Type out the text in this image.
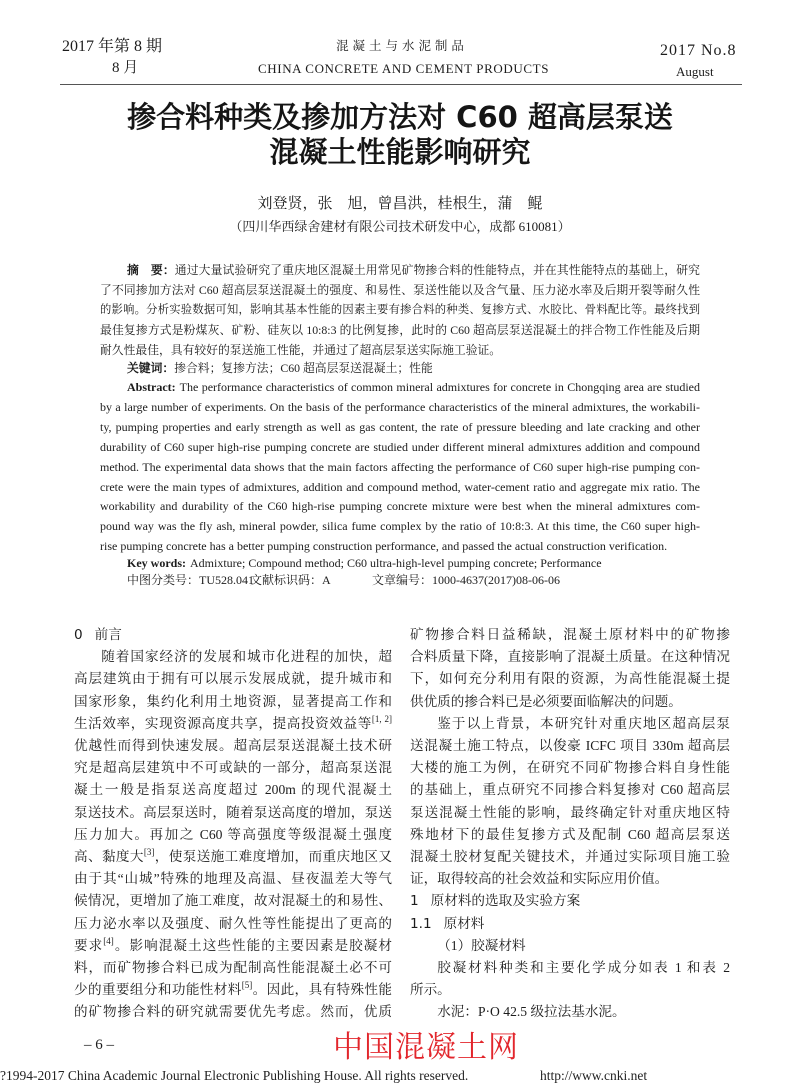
2017 年第 8 期
8 月
混 凝 土 与 水 泥 制 品
CHINA CONCRETE AND CEMENT PRODUCTS
2017 No.8
August
掺合料种类及掺加方法对 C60 超高层泵送
混凝土性能影响研究
刘登贤，张　旭，曾昌洪，桂根生，蒲　鲲
（四川华西绿舍建材有限公司技术研发中心，成都 610081）
摘　要：通过大量试验研究了重庆地区混凝土用常见矿物掺合料的性能特点，并在其性能特点的基础上，研究
了不同掺加方法对 C60 超高层泵送混凝土的强度、和易性、泵送性能以及含气量、压力泌水率及后期开裂等耐久性
的影响。分析实验数据可知，影响其基本性能的因素主要有掺合料的种类、复掺方式、水胶比、骨料配比等。最终找到
最佳复掺方式是粉煤灰、矿粉、硅灰以 10:8:3 的比例复掺，此时的 C60 超高层泵送混凝土的拌合物工作性能及后期
耐久性最佳，具有较好的泵送施工性能，并通过了超高层泵送实际施工验证。
关键词：掺合料；复掺方法；C60 超高层泵送混凝土；性能
Abstract: The performance characteristics of common mineral admixtures for concrete in Chongqing area are studied
by a large number of experiments. On the basis of the performance characteristics of the mineral admixtures, the workabili-
ty, pumping properties and early strength as well as gas content, the rate of pressure bleeding and late cracking and other
durability of C60 super high-rise pumping concrete are studied under different mineral admixtures addition and compound
method. The experimental data shows that the main factors affecting the performance of C60 super high-rise pumping con-
crete were the main types of admixtures, addition and compound method, water-cement ratio and aggregate mix ratio. The
workability and durability of the C60 high-rise pumping concrete mixture were best when the mineral admixtures com-
pound way was the fly ash, mineral powder, silica fume complex by the ratio of 10:8:3. At this time, the C60 super high-
rise pumping concrete has a better pumping construction performance, and passed the actual construction verification.
Key words: Admixture; Compound method; C60 ultra-high-level pumping concrete; Performance
中图分类号：TU528.041文献标识码：A	文章编号：1000-4637(2017)08-06-06
0 前言
随着国家经济的发展和城市化进程的加快，超
高层建筑由于拥有可以展示发展成就，提升城市和
国家形象，集约化利用土地资源，显著提高工作和
生活效率，实现资源高度共享，提高投资效益等[1, 2]
优越性而得到快速发展。超高层泵送混凝土技术研
究是超高层建筑中不可或缺的一部分，超高泵送混
凝土一般是指泵送高度超过 200m 的现代混凝土
泵送技术。高层泵送时，随着泵送高度的增加，泵送
压力加大。再加之 C60 等高强度等级混凝土强度
高、黏度大[3]，使泵送施工难度增加，而重庆地区又
由于其“山城”特殊的地理及高温、昼夜温差大等气
候情况，更增加了施工难度，故对混凝土的和易性、
压力泌水率以及强度、耐久性等性能提出了更高的
要求[4]。影响混凝土这些性能的主要因素是胶凝材
料，而矿物掺合料已成为配制高性能混凝土必不可
少的重要组分和功能性材料[5]。因此，具有特殊性能
的矿物掺合料的研究就需要优先考虑。然而，优质
矿物掺合料日益稀缺，混凝土原材料中的矿物掺
合料质量下降，直接影响了混凝土质量。在这种情况
下，如何充分利用有限的资源，为高性能混凝土提
供优质的掺合料已是必须要面临解决的问题。
鉴于以上背景，本研究针对重庆地区超高层泵
送混凝土施工特点，以俊豪 ICFC 项目 330m 超高层
大楼的施工为例，在研究不同矿物掺合料自身性能
的基础上，重点研究不同掺合料复掺对 C60 超高层
泵送混凝土性能的影响，最终确定针对重庆地区特
殊地材下的最佳复掺方式及配制 C60 超高层泵送
混凝土胶材复配关键技术，并通过实际项目施工验
证，取得较高的社会效益和实际应用价值。
1 原材料的选取及实验方案
1.1 原材料
（1）胶凝材料
胶凝材料种类和主要化学成分如表 1 和表 2
所示。
水泥：P·O 42.5 级拉法基水泥。
– 6 –
?1994-2017 China Academic Journal Electronic Publishing House. All rights reserved.	http://www.cnki.net
中国混凝土网
